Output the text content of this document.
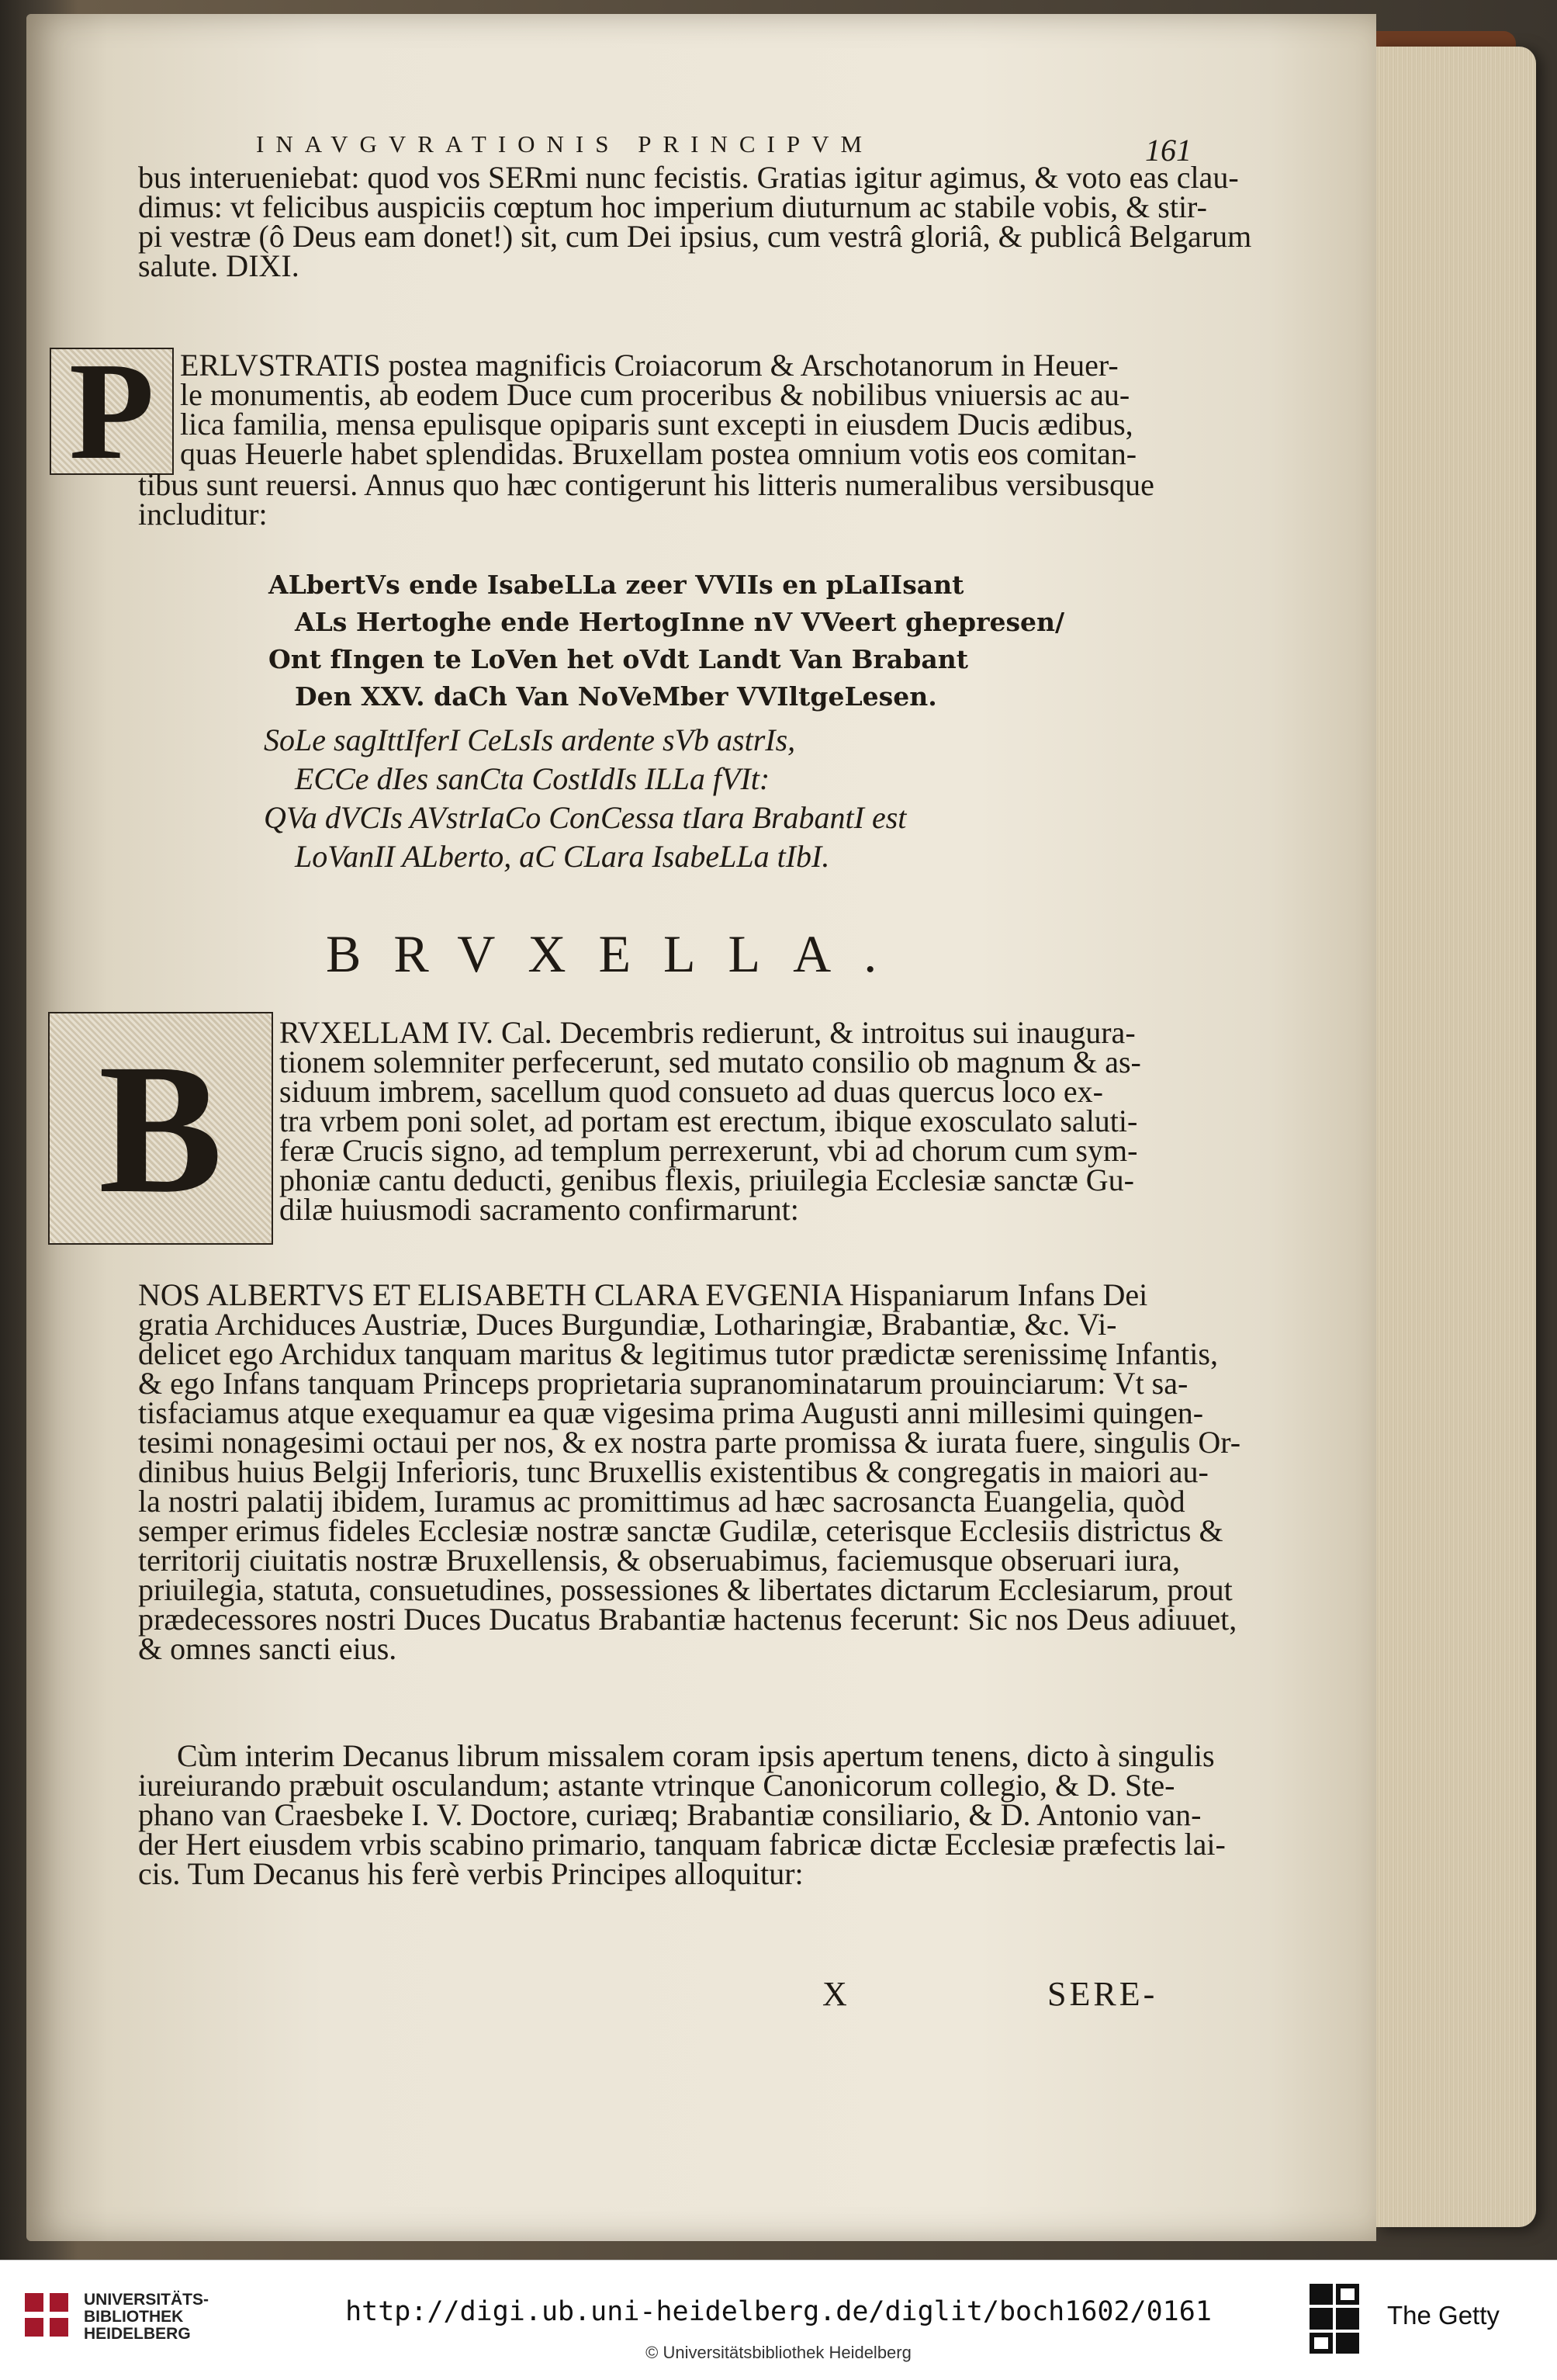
INAVGVRATIONIS PRINCIPVM	161
bus interueniebat: quod vos SERmi nunc fecistis. Gratias igitur agimus, & voto eas clau-
dimus: vt felicibus auspiciis cœptum hoc imperium diuturnum ac stabile vobis, & stir-
pi vestræ (ô Deus eam donet!) sit, cum Dei ipsius, cum vestrâ gloriâ, & publicâ Belgarum
salute. DIXI.
P ERLVSTRATIS postea magnificis Croiacorum & Arschotanorum in Heuer-
le monumentis, ab eodem Duce cum proceribus & nobilibus vniuersis ac au-
lica familia, mensa epulisque opiparis sunt excepti in eiusdem Ducis ædibus,
quas Heuerle habet splendidas. Bruxellam postea omnium votis eos comitan-
tibus sunt reuersi. Annus quo hæc contigerunt his litteris numeralibus versibusque
includitur:
ALbertVs ende IsabeLLa zeer VVIIs en pLaIIsant
ALs Hertoghe ende HertogInne nV VVeert ghepresen/
Ont fIngen te LoVen het oVdt Landt Van Brabant
Den XXV. daCh Van NoVeMber VVIltgeLesen.
SoLe sagIttIferI CeLsIs ardente sVb astrIs,
ECCe dIes sanCta CostIdIs ILLa fVIt:
QVa dVCIs AVstrIaCo ConCessa tIara BrabantI est
LoVanII ALberto, aC CLara IsabeLLa tIbI.
BRVXELLA.
B RVXELLAM IV. Cal. Decembris redierunt, & introitus sui inaugura-
tionem solemniter perfecerunt, sed mutato consilio ob magnum & as-
siduum imbrem, sacellum quod consueto ad duas quercus loco ex-
tra vrbem poni solet, ad portam est erectum, ibique exosculato saluti-
feræ Crucis signo, ad templum perrexerunt, vbi ad chorum cum sym-
phoniæ cantu deducti, genibus flexis, priuilegia Ecclesiæ sanctæ Gu-
dilæ huiusmodi sacramento confirmarunt:
NOS ALBERTVS ET ELISABETH CLARA EVGENIA Hispaniarum Infans Dei
gratia Archiduces Austriæ, Duces Burgundiæ, Lotharingiæ, Brabantiæ, &c. Vi-
delicet ego Archidux tanquam maritus & legitimus tutor prædictæ serenissimę Infantis,
& ego Infans tanquam Princeps proprietaria supranominatarum prouinciarum: Vt sa-
tisfaciamus atque exequamur ea quæ vigesima prima Augusti anni millesimi quingen-
tesimi nonagesimi octaui per nos, & ex nostra parte promissa & iurata fuere, singulis Or-
dinibus huius Belgij Inferioris, tunc Bruxellis existentibus & congregatis in maiori au-
la nostri palatij ibidem, Iuramus ac promittimus ad hæc sacrosancta Euangelia, quòd
semper erimus fideles Ecclesiæ nostræ sanctæ Gudilæ, ceterisque Ecclesiis districtus &
territorij ciuitatis nostræ Bruxellensis, & obseruabimus, faciemusque obseruari iura,
priuilegia, statuta, consuetudines, possessiones & libertates dictarum Ecclesiarum, prout
prædecessores nostri Duces Ducatus Brabantiæ hactenus fecerunt: Sic nos Deus adiuuet,
& omnes sancti eius.
Cùm interim Decanus librum missalem coram ipsis apertum tenens, dicto à singulis
iureiurando præbuit osculandum; astante vtrinque Canonicorum collegio, & D. Ste-
phano van Craesbeke I. V. Doctore, curiæq; Brabantiæ consiliario, & D. Antonio van-
der Hert eiusdem vrbis scabino primario, tanquam fabricæ dictæ Ecclesiæ præfectis lai-
cis. Tum Decanus his ferè verbis Principes alloquitur:
X	SERE-
UNIVERSITÄTS-
BIBLIOTHEK
HEIDELBERG
http://digi.ub.uni-heidelberg.de/diglit/boch1602/0161
© Universitätsbibliothek Heidelberg
The Getty
